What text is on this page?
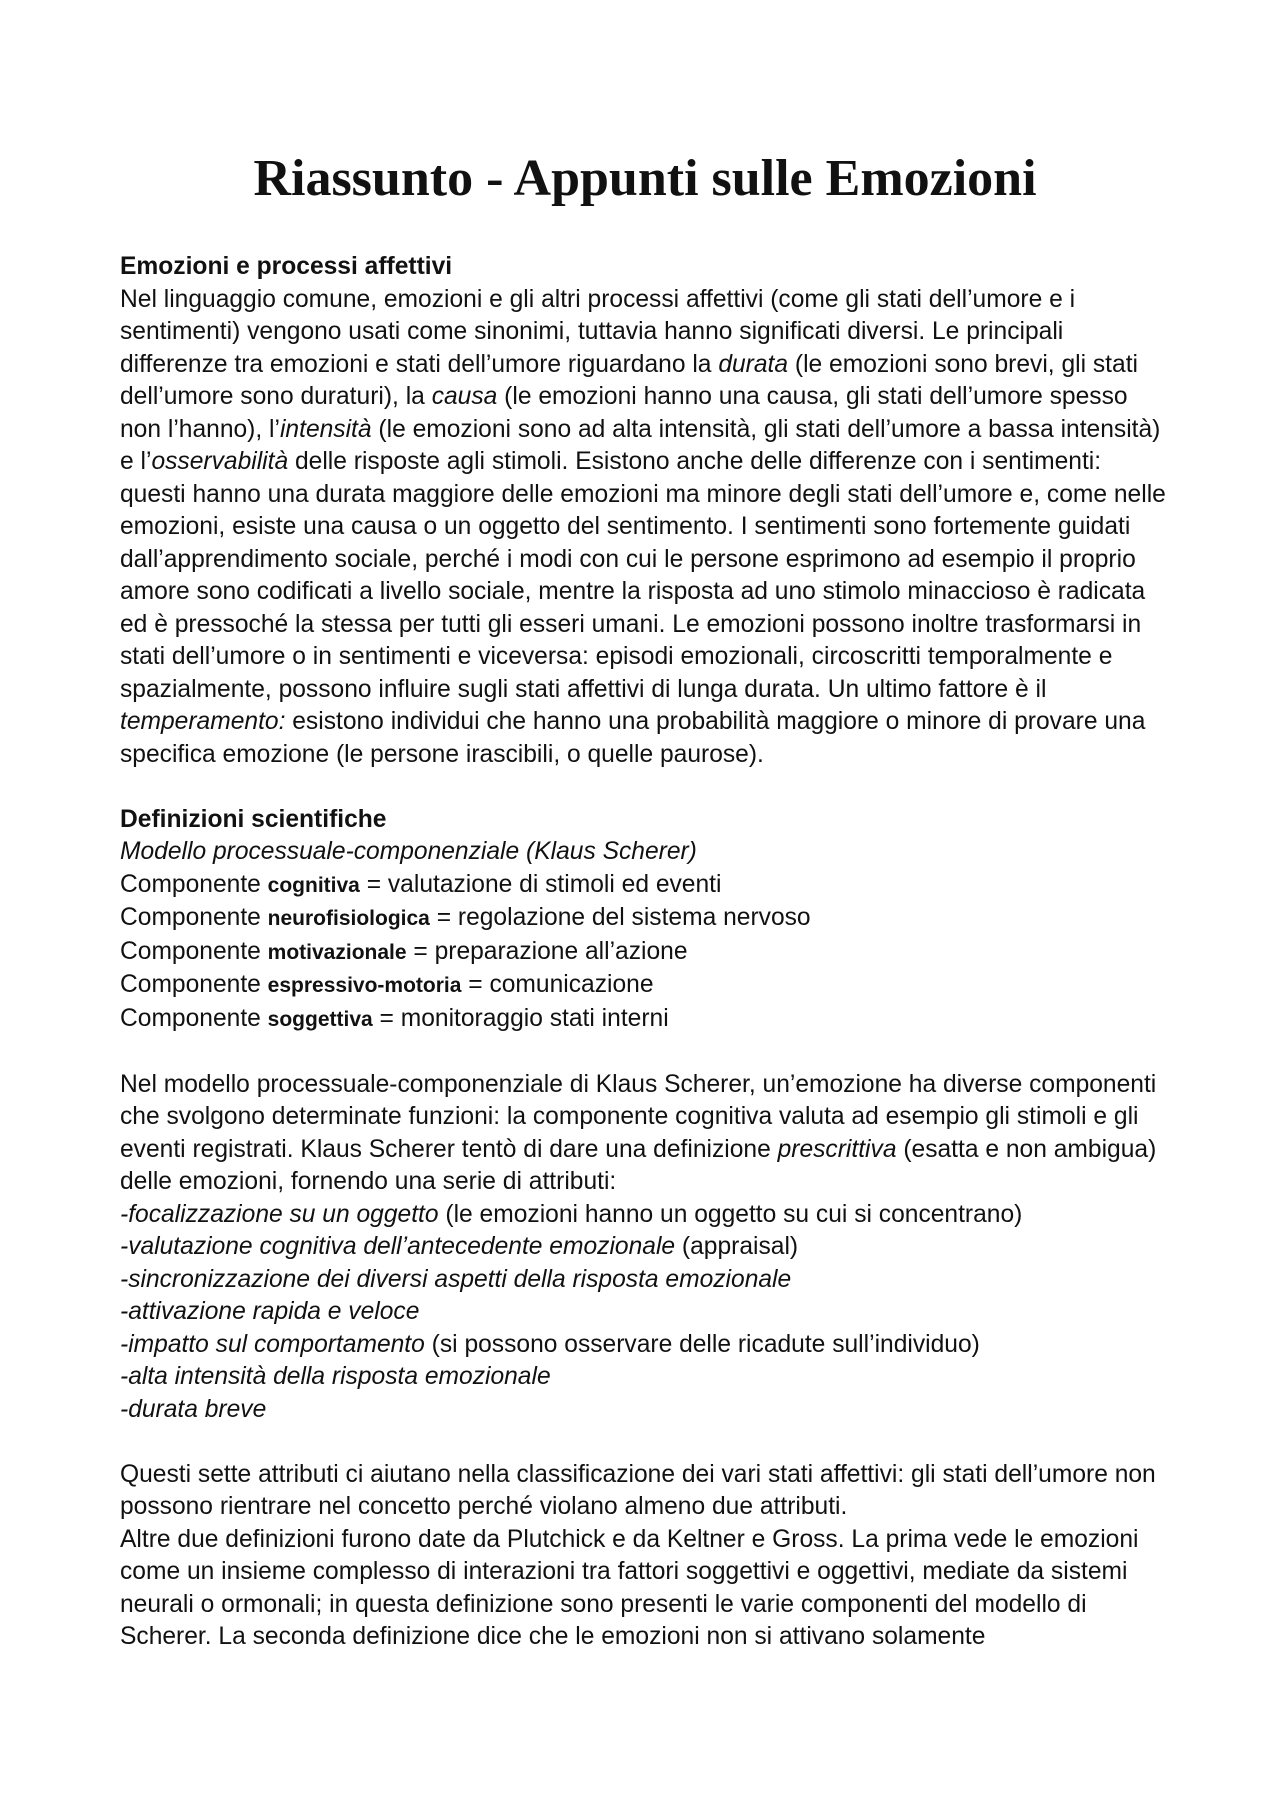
Riassunto - Appunti sulle Emozioni

Emozioni e processi affettivi

Nel linguaggio comune, emozioni e gli altri processi affettivi (come gli stati dell’umore e i sentimenti) vengono usati come sinonimi, tuttavia hanno significati diversi. Le principali differenze tra emozioni e stati dell’umore riguardano la durata (le emozioni sono brevi, gli stati dell’umore sono duraturi), la causa (le emozioni hanno una causa, gli stati dell’umore spesso non l’hanno), l’intensità (le emozioni sono ad alta intensità, gli stati dell’umore a bassa intensità) e l’osservabilità delle risposte agli stimoli. Esistono anche delle differenze con i sentimenti: questi hanno una durata maggiore delle emozioni ma minore degli stati dell’umore e, come nelle emozioni, esiste una causa o un oggetto del sentimento. I sentimenti sono fortemente guidati dall’apprendimento sociale, perché i modi con cui le persone esprimono ad esempio il proprio amore sono codificati a livello sociale, mentre la risposta ad uno stimolo minaccioso è radicata ed è pressoché la stessa per tutti gli esseri umani. Le emozioni possono inoltre trasformarsi in stati dell’umore o in sentimenti e viceversa: episodi emozionali, circoscritti temporalmente e spazialmente, possono influire sugli stati affettivi di lunga durata. Un ultimo fattore è il temperamento: esistono individui che hanno una probabilità maggiore o minore di provare una specifica emozione (le persone irascibili, o quelle paurose).

Definizioni scientifiche

Modello processuale-componenziale (Klaus Scherer)

Componente cognitiva = valutazione di stimoli ed eventi

Componente neurofisiologica = regolazione del sistema nervoso

Componente motivazionale = preparazione all’azione

Componente espressivo-motoria = comunicazione

Componente soggettiva = monitoraggio stati interni

Nel modello processuale-componenziale di Klaus Scherer, un’emozione ha diverse componenti che svolgono determinate funzioni: la componente cognitiva valuta ad esempio gli stimoli e gli eventi registrati. Klaus Scherer tentò di dare una definizione prescrittiva (esatta e non ambigua) delle emozioni, fornendo una serie di attributi:

-focalizzazione su un oggetto (le emozioni hanno un oggetto su cui si concentrano)
-valutazione cognitiva dell’antecedente emozionale (appraisal)
-sincronizzazione dei diversi aspetti della risposta emozionale
-attivazione rapida e veloce
-impatto sul comportamento (si possono osservare delle ricadute sull’individuo)
-alta intensità della risposta emozionale
-durata breve

Questi sette attributi ci aiutano nella classificazione dei vari stati affettivi: gli stati dell’umore non possono rientrare nel concetto perché violano almeno due attributi.

Altre due definizioni furono date da Plutchick e da Keltner e Gross. La prima vede le emozioni come un insieme complesso di interazioni tra fattori soggettivi e oggettivi, mediate da sistemi neurali o ormonali; in questa definizione sono presenti le varie componenti del modello di Scherer. La seconda definizione dice che le emozioni non si attivano solamente
